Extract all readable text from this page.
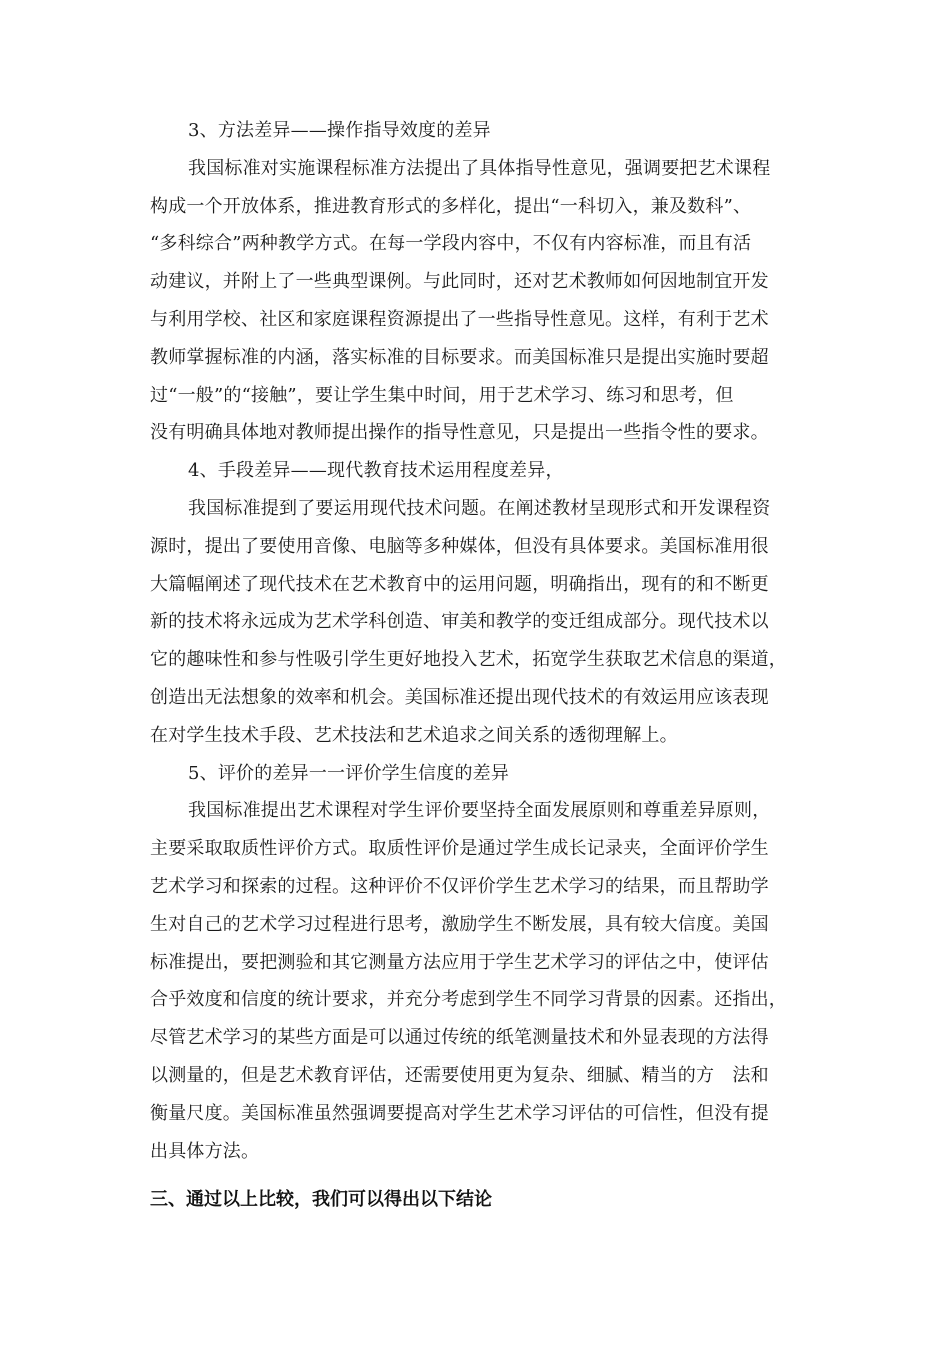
3、方法差异——操作指导效度的差异
我国标准对实施课程标准方法提出了具体指导性意见，强调要把艺术课程
构成一个开放体系，推进教育形式的多样化，提出“一科切入，兼及数科”、
“多科综合”两种教学方式。在每一学段内容中，不仅有内容标准，而且有活
动建议，并附上了一些典型课例。与此同时，还对艺术教师如何因地制宜开发
与利用学校、社区和家庭课程资源提出了一些指导性意见。这样，有利于艺术
教师掌握标准的内涵，落实标准的目标要求。而美国标准只是提出实施时要超
过“一般”的“接触”，要让学生集中时间，用于艺术学习、练习和思考，但
没有明确具体地对教师提出操作的指导性意见，只是提出一些指令性的要求。
4、手段差异——现代教育技术运用程度差异，
我国标准提到了要运用现代技术问题。在阐述教材呈现形式和开发课程资
源时，提出了要使用音像、电脑等多种媒体，但没有具体要求。美国标准用很
大篇幅阐述了现代技术在艺术教育中的运用问题，明确指出，现有的和不断更
新的技术将永远成为艺术学科创造、审美和教学的变迁组成部分。现代技术以
它的趣味性和参与性吸引学生更好地投入艺术，拓宽学生获取艺术信息的渠道，
创造出无法想象的效率和机会。美国标准还提出现代技术的有效运用应该表现
在对学生技术手段、艺术技法和艺术追求之间关系的透彻理解上。
5、评价的差异一一评价学生信度的差异
我国标准提出艺术课程对学生评价要坚持全面发展原则和尊重差异原则，
主要采取取质性评价方式。取质性评价是通过学生成长记录夹，全面评价学生
艺术学习和探索的过程。这种评价不仅评价学生艺术学习的结果，而且帮助学
生对自己的艺术学习过程进行思考，激励学生不断发展，具有较大信度。美国
标准提出，要把测验和其它测量方法应用于学生艺术学习的评估之中，使评估
合乎效度和信度的统计要求，并充分考虑到学生不同学习背景的因素。还指出，
尽管艺术学习的某些方面是可以通过传统的纸笔测量技术和外显表现的方法得
以测量的，但是艺术教育评估，还需要使用更为复杂、细腻、精当的方　法和
衡量尺度。美国标准虽然强调要提高对学生艺术学习评估的可信性，但没有提
出具体方法。
三、通过以上比较，我们可以得出以下结论
